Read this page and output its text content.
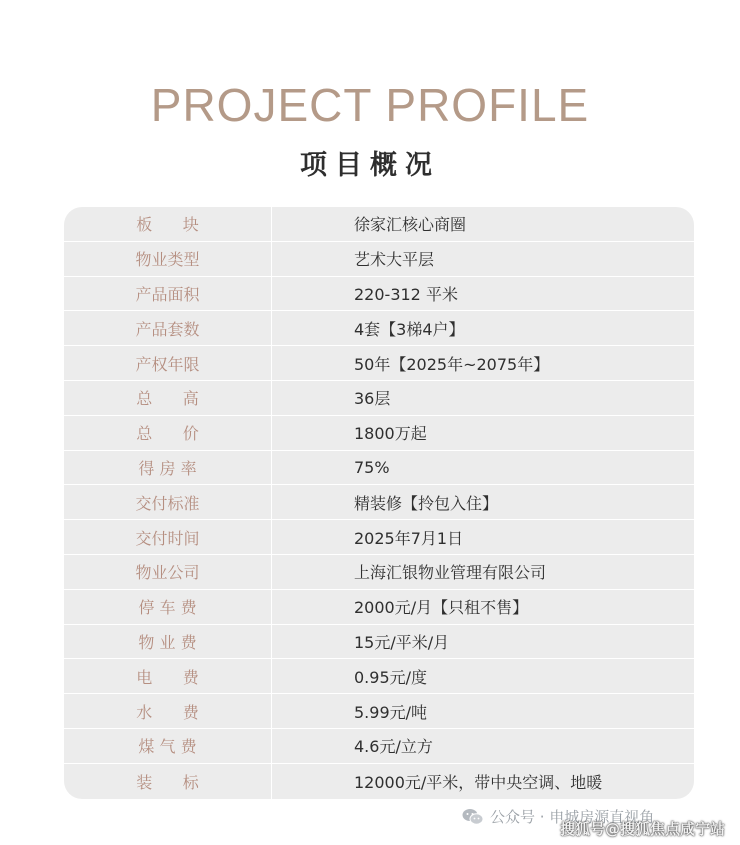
PROJECT PROFILE
项目概况
板      块	徐家汇核心商圈
物业类型	艺术大平层
产品面积	220-312 平米
产品套数	4套【3梯4户】
产权年限	50年【2025年~2075年】
总      高	36层
总      价	1800万起
得 房 率	75%
交付标准	精装修【拎包入住】
交付时间	2025年7月1日
物业公司	上海汇银物业管理有限公司
停 车 费	2000元/月【只租不售】
物 业 费	15元/平米/月
电      费	0.95元/度
水      费	5.99元/吨
煤 气 费	4.6元/立方
装      标	12000元/平米，带中央空调、地暖
公众号 · 申城房源直视角
搜狐号@搜狐焦点咸宁站
